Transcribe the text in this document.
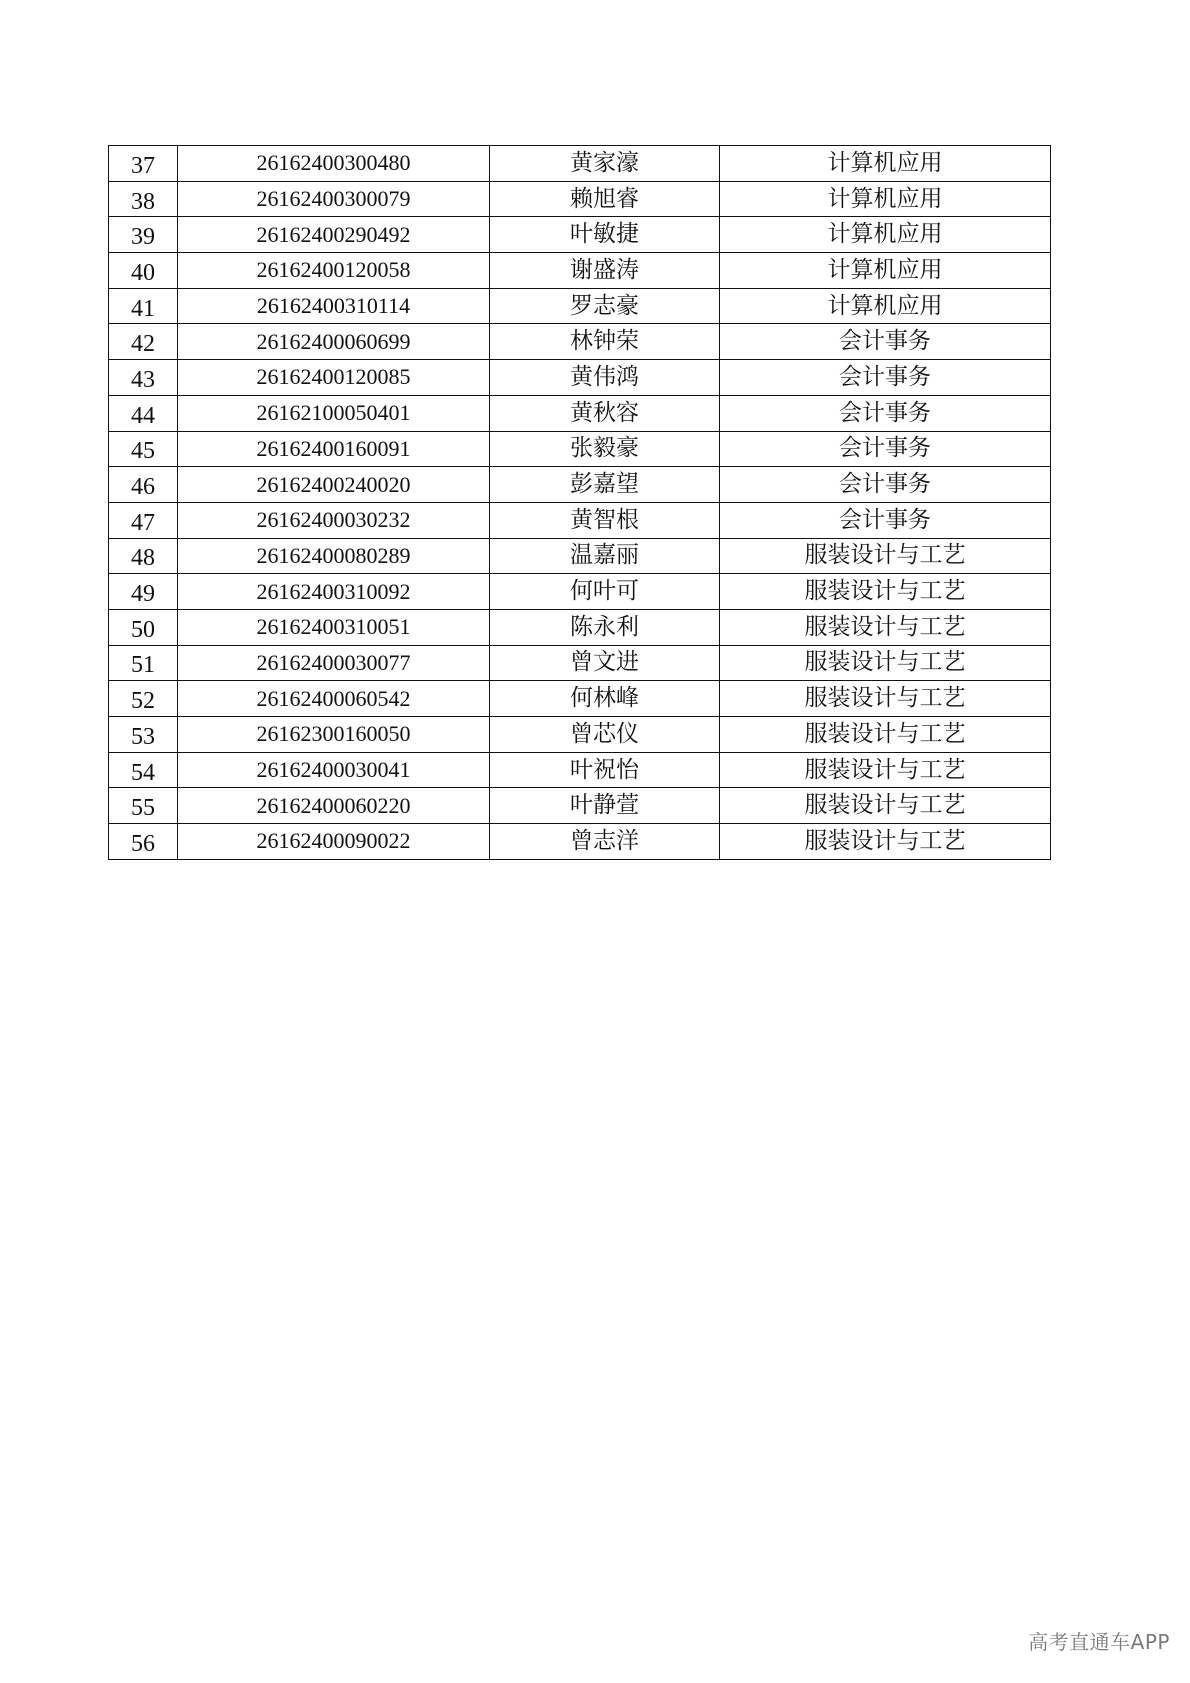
37	26162400300480	黄家濠	计算机应用
38	26162400300079	赖旭睿	计算机应用
39	26162400290492	叶敏捷	计算机应用
40	26162400120058	谢盛涛	计算机应用
41	26162400310114	罗志豪	计算机应用
42	26162400060699	林钟荣	会计事务
43	26162400120085	黄伟鸿	会计事务
44	26162100050401	黄秋容	会计事务
45	26162400160091	张毅豪	会计事务
46	26162400240020	彭嘉望	会计事务
47	26162400030232	黄智根	会计事务
48	26162400080289	温嘉丽	服装设计与工艺
49	26162400310092	何叶可	服装设计与工艺
50	26162400310051	陈永利	服装设计与工艺
51	26162400030077	曾文进	服装设计与工艺
52	26162400060542	何林峰	服装设计与工艺
53	26162300160050	曾芯仪	服装设计与工艺
54	26162400030041	叶祝怡	服装设计与工艺
55	26162400060220	叶静萱	服装设计与工艺
56	26162400090022	曾志洋	服装设计与工艺
高考直通车APP
